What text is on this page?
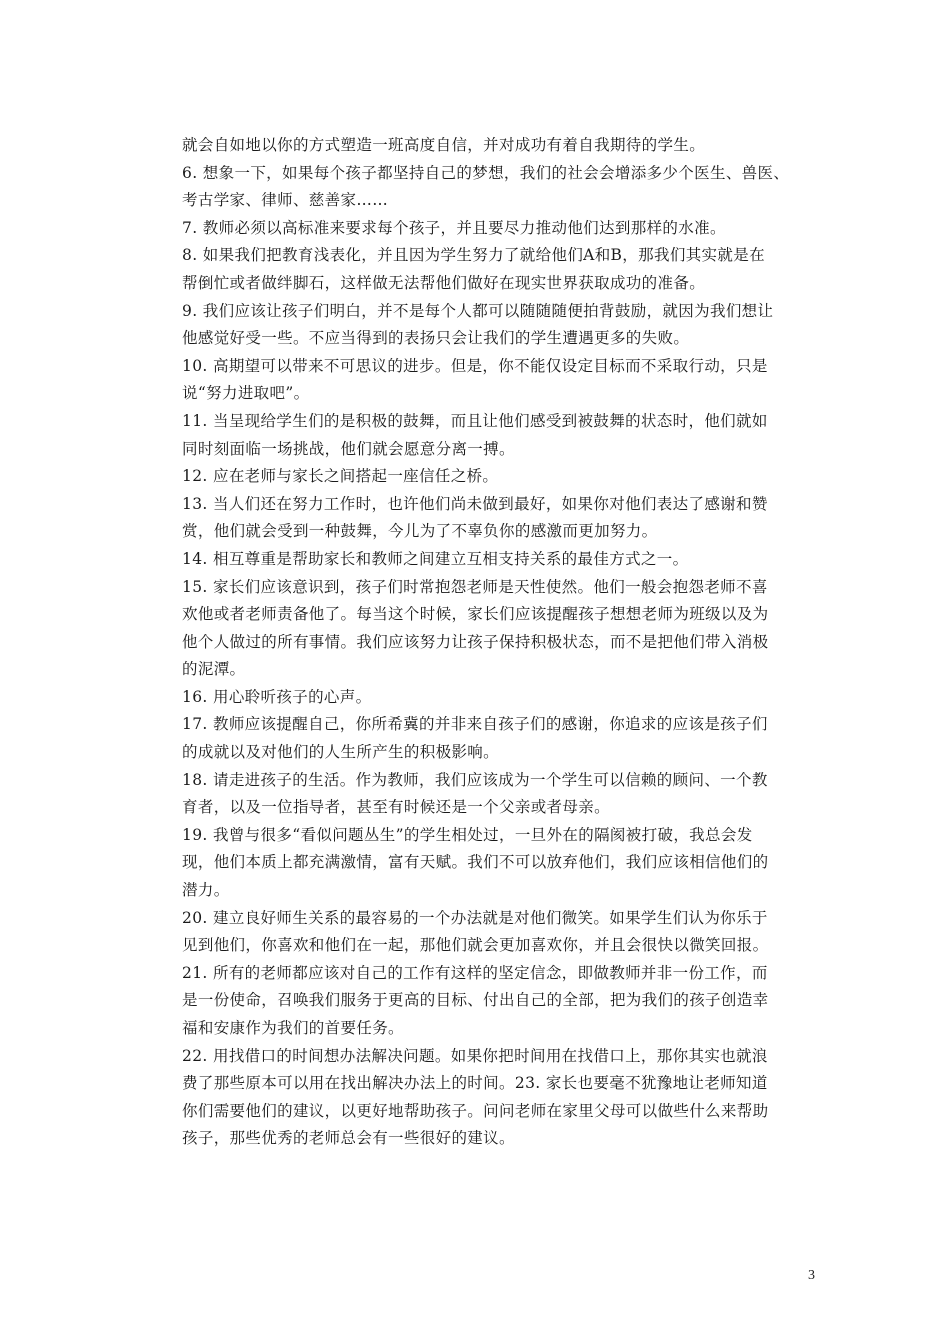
就会自如地以你的方式塑造一班高度自信，并对成功有着自我期待的学生。
6. 想象一下，如果每个孩子都坚持自己的梦想，我们的社会会增添多少个医生、兽医、
考古学家、律师、慈善家……
7. 教师必须以高标准来要求每个孩子，并且要尽力推动他们达到那样的水准。
8. 如果我们把教育浅表化，并且因为学生努力了就给他们A和B，那我们其实就是在
帮倒忙或者做绊脚石，这样做无法帮他们做好在现实世界获取成功的准备。
9. 我们应该让孩子们明白，并不是每个人都可以随随随便拍背鼓励，就因为我们想让
他感觉好受一些。不应当得到的表扬只会让我们的学生遭遇更多的失败。
10. 高期望可以带来不可思议的进步。但是，你不能仅设定目标而不采取行动，只是
说“努力进取吧”。
11. 当呈现给学生们的是积极的鼓舞，而且让他们感受到被鼓舞的状态时，他们就如
同时刻面临一场挑战，他们就会愿意分离一搏。
12. 应在老师与家长之间搭起一座信任之桥。
13. 当人们还在努力工作时，也许他们尚未做到最好，如果你对他们表达了感谢和赞
赏，他们就会受到一种鼓舞，今儿为了不辜负你的感激而更加努力。
14. 相互尊重是帮助家长和教师之间建立互相支持关系的最佳方式之一。
15. 家长们应该意识到，孩子们时常抱怨老师是天性使然。他们一般会抱怨老师不喜
欢他或者老师责备他了。每当这个时候，家长们应该提醒孩子想想老师为班级以及为
他个人做过的所有事情。我们应该努力让孩子保持积极状态，而不是把他们带入消极
的泥潭。
16. 用心聆听孩子的心声。
17. 教师应该提醒自己，你所希冀的并非来自孩子们的感谢，你追求的应该是孩子们
的成就以及对他们的人生所产生的积极影响。
18. 请走进孩子的生活。作为教师，我们应该成为一个学生可以信赖的顾问、一个教
育者，以及一位指导者，甚至有时候还是一个父亲或者母亲。
19. 我曾与很多“看似问题丛生”的学生相处过，一旦外在的隔阂被打破，我总会发
现，他们本质上都充满激情，富有天赋。我们不可以放弃他们，我们应该相信他们的
潜力。
20. 建立良好师生关系的最容易的一个办法就是对他们微笑。如果学生们认为你乐于
见到他们，你喜欢和他们在一起，那他们就会更加喜欢你，并且会很快以微笑回报。
21. 所有的老师都应该对自己的工作有这样的坚定信念，即做教师并非一份工作，而
是一份使命，召唤我们服务于更高的目标、付出自己的全部，把为我们的孩子创造幸
福和安康作为我们的首要任务。
22. 用找借口的时间想办法解决问题。如果你把时间用在找借口上，那你其实也就浪
费了那些原本可以用在找出解决办法上的时间。23. 家长也要毫不犹豫地让老师知道
你们需要他们的建议，以更好地帮助孩子。问问老师在家里父母可以做些什么来帮助
孩子，那些优秀的老师总会有一些很好的建议。
3
